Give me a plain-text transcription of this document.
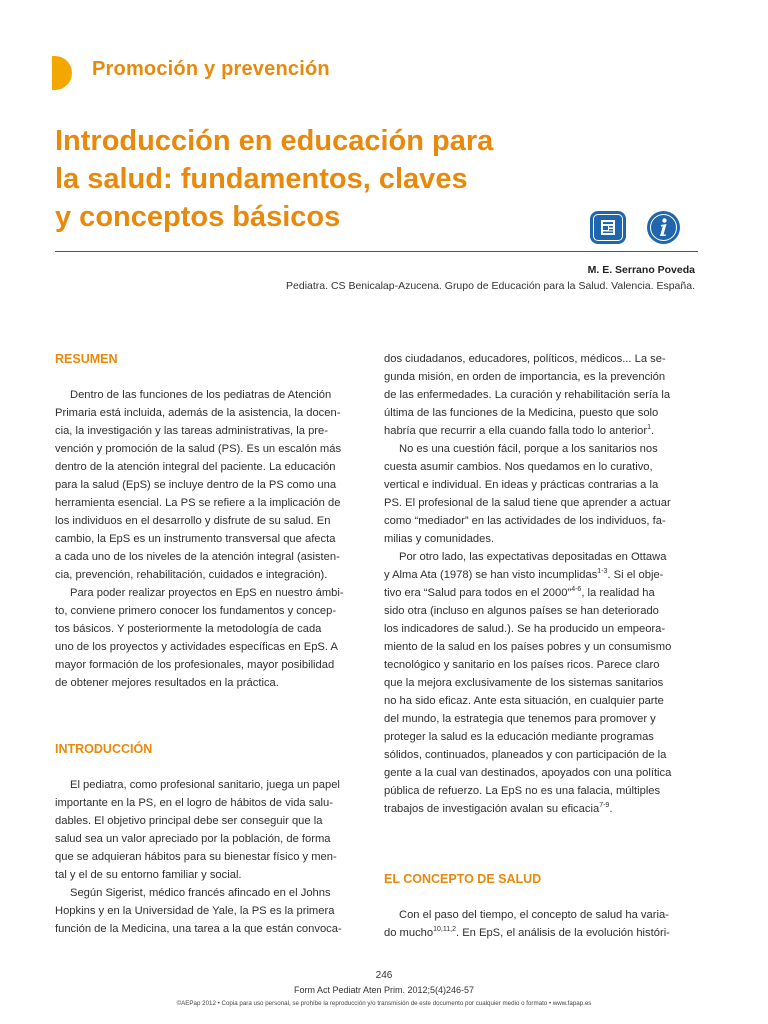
Promoción y prevención
Introducción en educación para
la salud: fundamentos, claves
y conceptos básicos
M. E. Serrano Poveda
Pediatra. CS Benicalap-Azucena. Grupo de Educación para la Salud. Valencia. España.
RESUMEN
Dentro de las funciones de los pediatras de Atención
Primaria está incluida, además de la asistencia, la docen-
cia, la investigación y las tareas administrativas, la pre-
vención y promoción de la salud (PS). Es un escalón más
dentro de la atención integral del paciente. La educación
para la salud (EpS) se incluye dentro de la PS como una
herramienta esencial. La PS se refiere a la implicación de
los individuos en el desarrollo y disfrute de su salud. En
cambio, la EpS es un instrumento transversal que afecta
a cada uno de los niveles de la atención integral (asisten-
cia, prevención, rehabilitación, cuidados e integración).
Para poder realizar proyectos en EpS en nuestro ámbi-
to, conviene primero conocer los fundamentos y concep-
tos básicos. Y posteriormente la metodología de cada
uno de los proyectos y actividades específicas en EpS. A
mayor formación de los profesionales, mayor posibilidad
de obtener mejores resultados en la práctica.
INTRODUCCIÓN
El pediatra, como profesional sanitario, juega un papel
importante en la PS, en el logro de hábitos de vida salu-
dables. El objetivo principal debe ser conseguir que la
salud sea un valor apreciado por la población, de forma
que se adquieran hábitos para su bienestar físico y men-
tal y el de su entorno familiar y social.
Según Sigerist, médico francés afincado en el Johns
Hopkins y en la Universidad de Yale, la PS es la primera
función de la Medicina, una tarea a la que están convoca-
dos ciudadanos, educadores, políticos, médicos... La se-
gunda misión, en orden de importancia, es la prevención
de las enfermedades. La curación y rehabilitación sería la
última de las funciones de la Medicina, puesto que solo
habría que recurrir a ella cuando falla todo lo anterior$^1$.
No es una cuestión fácil, porque a los sanitarios nos
cuesta asumir cambios. Nos quedamos en lo curativo,
vertical e individual. En ideas y prácticas contrarias a la
PS. El profesional de la salud tiene que aprender a actuar
como “mediador” en las actividades de los individuos, fa-
milias y comunidades.
Por otro lado, las expectativas depositadas en Ottawa
y Alma Ata (1978) se han visto incumplidas$^{1-3}$. Si el obje-
tivo era “Salud para todos en el 2000”$^{4-6}$, la realidad ha
sido otra (incluso en algunos países se han deteriorado
los indicadores de salud.). Se ha producido un empeora-
miento de la salud en los países pobres y un consumismo
tecnológico y sanitario en los países ricos. Parece claro
que la mejora exclusivamente de los sistemas sanitarios
no ha sido eficaz. Ante esta situación, en cualquier parte
del mundo, la estrategia que tenemos para promover y
proteger la salud es la educación mediante programas
sólidos, continuados, planeados y con participación de la
gente a la cual van destinados, apoyados con una política
pública de refuerzo. La EpS no es una falacia, múltiples
trabajos de investigación avalan su eficacia$^{7-9}$.
EL CONCEPTO DE SALUD
Con el paso del tiempo, el concepto de salud ha varia-
do mucho$^{10,11,2}$. En EpS, el análisis de la evolución históri-
246
Form Act Pediatr Aten Prim. 2012;5(4)246-57
©AEPap 2012 • Copia para uso personal, se prohíbe la reproducción y/o transmisión de este documento por cualquier medio o formato • www.fapap.es
